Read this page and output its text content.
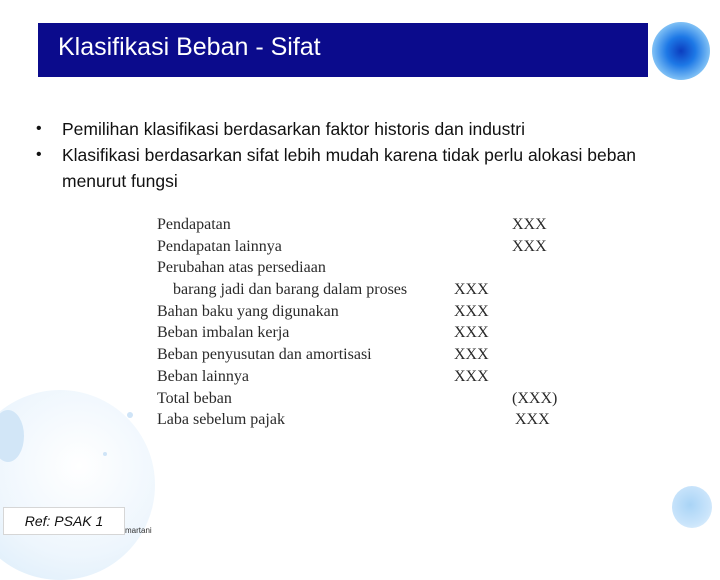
Klasifikasi Beban - Sifat
• Pemilihan klasifikasi berdasarkan faktor historis dan industri
• Klasifikasi berdasarkan sifat lebih mudah karena tidak perlu alokasi beban menurut fungsi
Pendapatan	XXX
Pendapatan lainnya	XXX
Perubahan atas persediaan
barang jadi dan barang dalam proses	XXX
Bahan baku yang digunakan	XXX
Beban imbalan kerja	XXX
Beban penyusutan dan amortisasi	XXX
Beban lainnya	XXX
Total beban	(XXX)
Laba sebelum pajak	XXX
Ref: PSAK 1
martani
